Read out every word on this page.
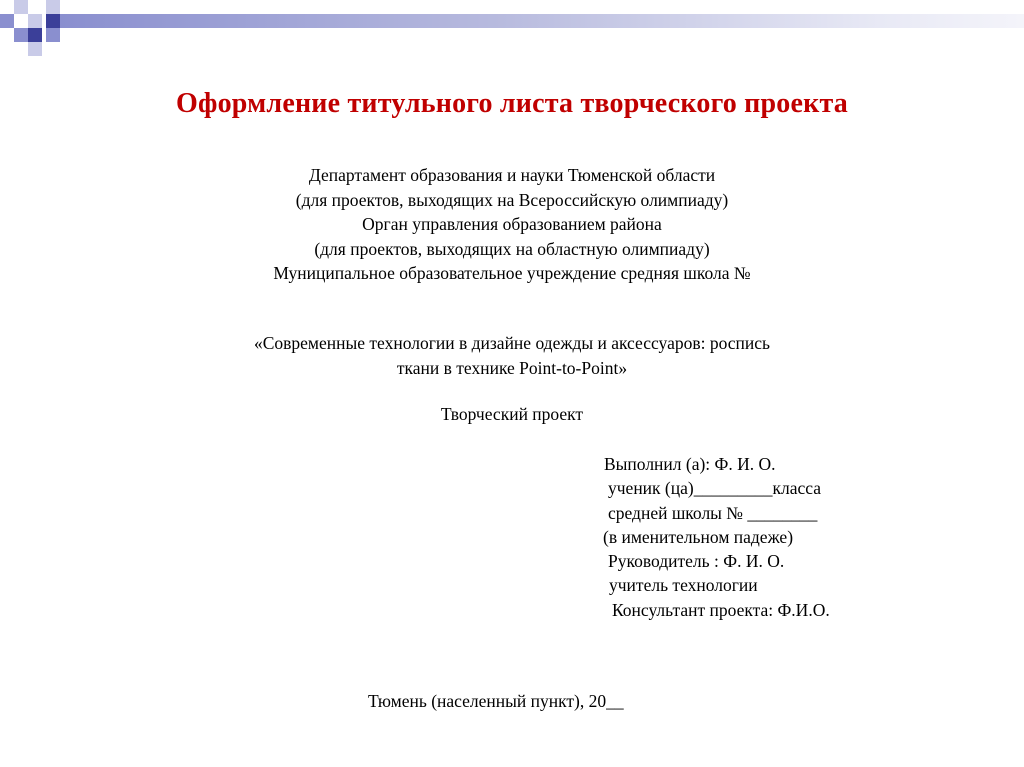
Оформление титульного листа творческого проекта
Департамент образования и науки Тюменской области
(для проектов, выходящих на Всероссийскую олимпиаду)
Орган управления образованием района
(для проектов, выходящих на областную олимпиаду)
Муниципальное образовательное учреждение средняя школа №
«Современные технологии в дизайне одежды и аксессуаров: роспись
ткани в технике Point-to-Point»
Творческий проект
Выполнил (а): Ф. И. О.
ученик (ца)_________класса
средней школы № ________
(в именительном падеже)
Руководитель : Ф. И. О.
учитель технологии
Консультант проекта: Ф.И.О.
Тюмень (населенный пункт), 20__
